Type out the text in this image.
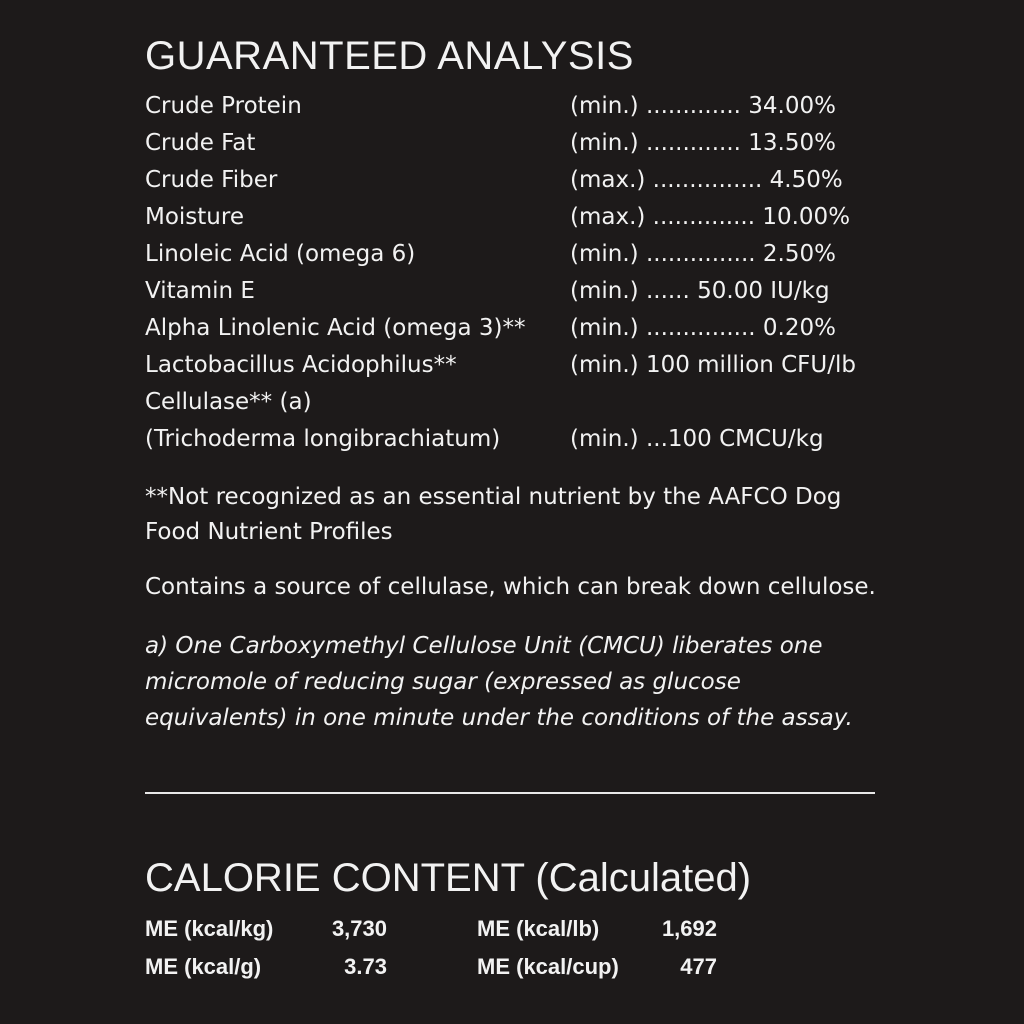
GUARANTEED ANALYSIS
Crude Protein	(min.) ............. 34.00%
Crude Fat	(min.) ............. 13.50%
Crude Fiber	(max.) ............... 4.50%
Moisture	(max.) .............. 10.00%
Linoleic Acid (omega 6)	(min.) ............... 2.50%
Vitamin E	(min.) ...... 50.00 IU/kg
Alpha Linolenic Acid (omega 3)** (min.) ............... 0.20%
Lactobacillus Acidophilus**	(min.) 100 million CFU/lb
Cellulase** (a)
(Trichoderma longibrachiatum)	(min.) ...100 CMCU/kg
**Not recognized as an essential nutrient by the AAFCO Dog Food Nutrient Profiles
Contains a source of cellulase, which can break down cellulose.
a) One Carboxymethyl Cellulose Unit (CMCU) liberates one micromole of reducing sugar (expressed as glucose equivalents) in one minute under the conditions of the assay.
CALORIE CONTENT (Calculated)
ME (kcal/kg)	3,730	ME (kcal/lb)	1,692
ME (kcal/g)	3.73	ME (kcal/cup)	477
